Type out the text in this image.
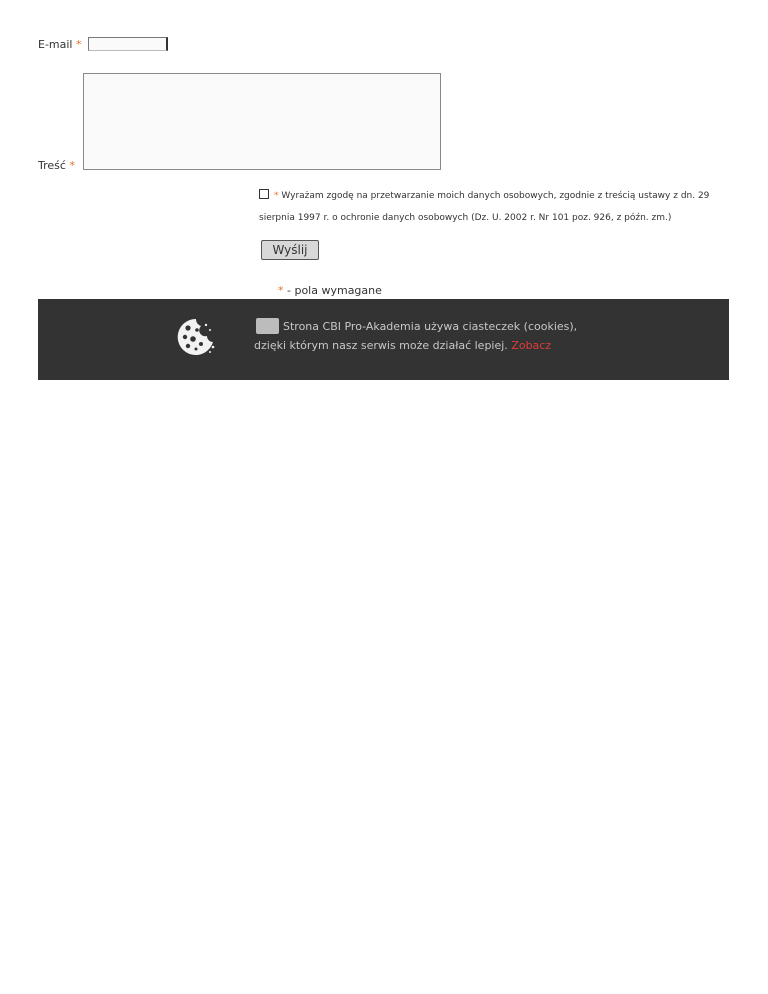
E-mail *
Treść *
* Wyrażam zgodę na przetwarzanie moich danych osobowych, zgodnie z treścią ustawy z dn. 29 sierpnia 1997 r. o ochronie danych osobowych (Dz. U. 2002 r. Nr 101 poz. 926, z późn. zm.)
Wyślij
* - pola wymagane
Strona CBI Pro-Akademia używa ciasteczek (cookies),
dzięki którym nasz serwis może działać lepiej. Zobacz
